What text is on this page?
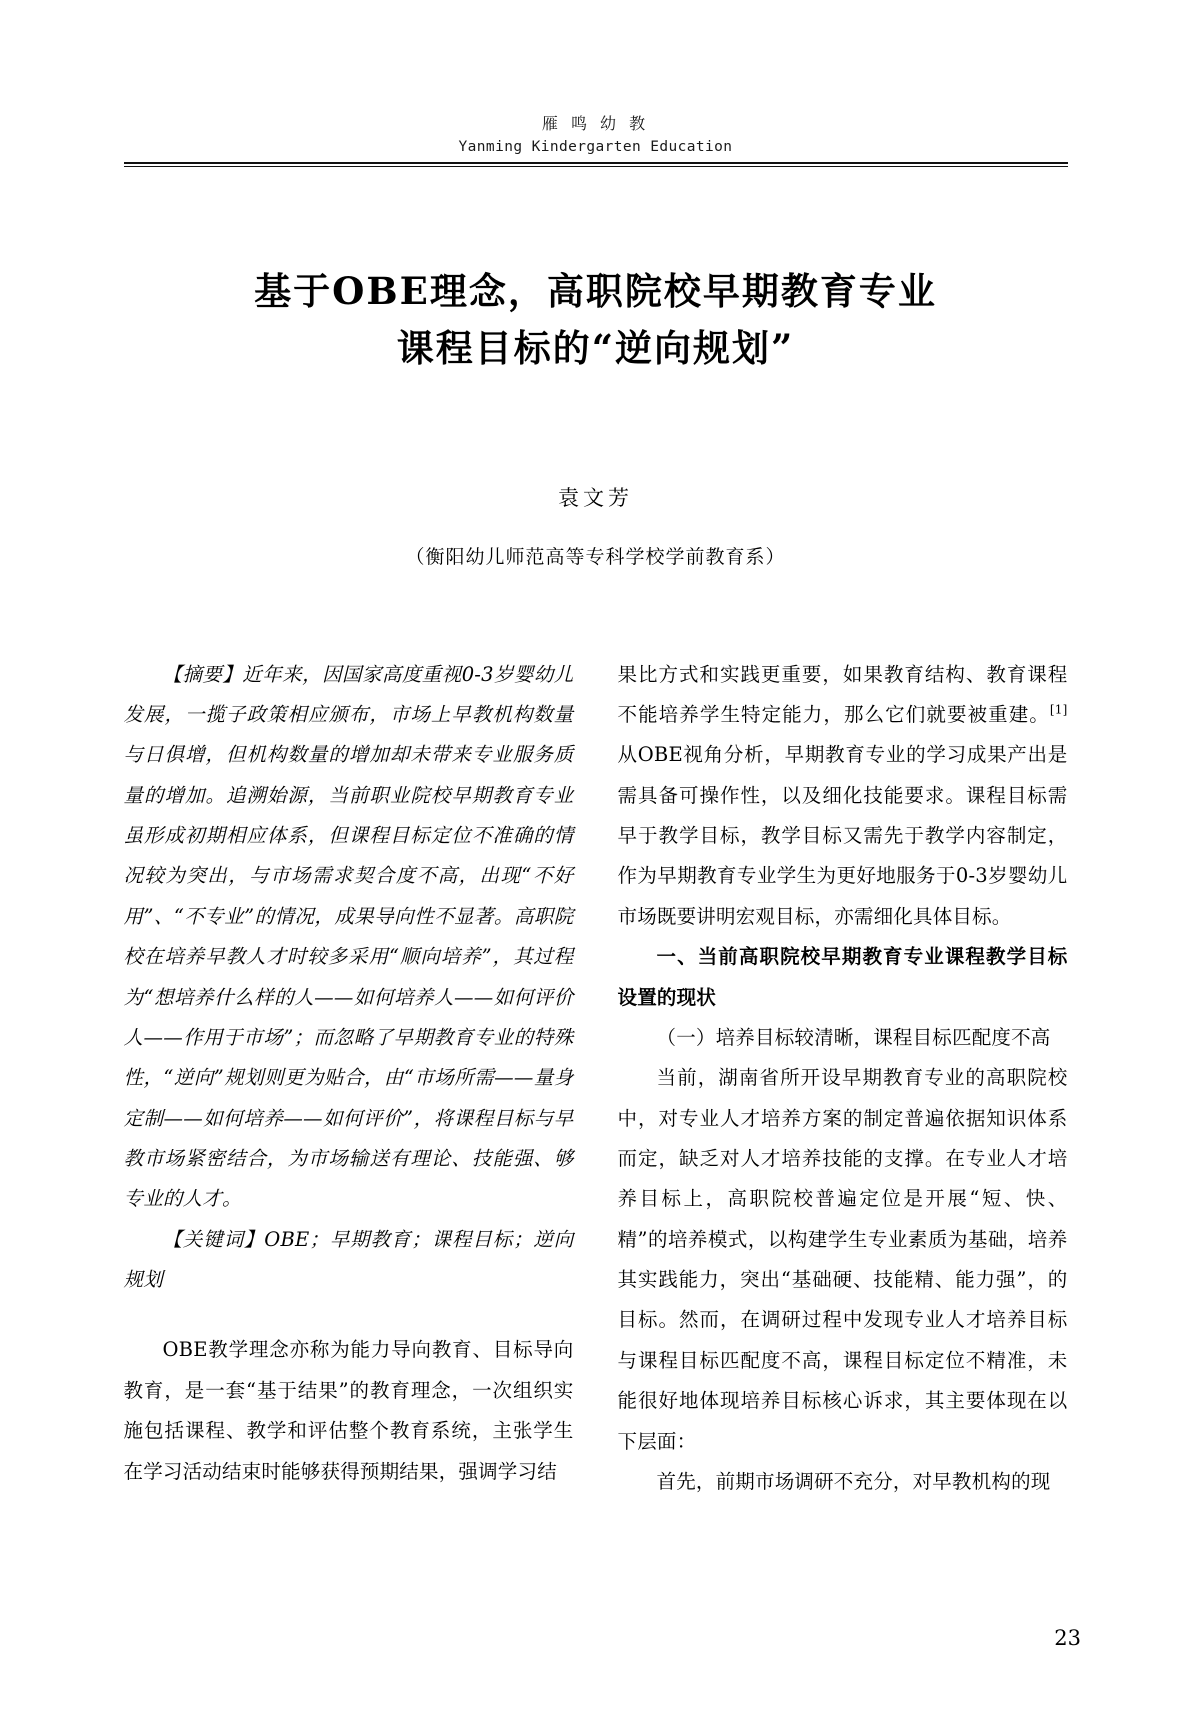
雁 鸣 幼 教
Yanming Kindergarten Education
基于OBE理念，高职院校早期教育专业
课程目标的“逆向规划”
袁文芳
（衡阳幼儿师范高等专科学校学前教育系）

【摘要】近年来，因国家高度重视0-3岁婴幼儿发展，一揽子政策相应颁布，市场上早教机构数量与日俱增，但机构数量的增加却未带来专业服务质量的增加。追溯始源，当前职业院校早期教育专业虽形成初期相应体系，但课程目标定位不准确的情况较为突出，与市场需求契合度不高，出现“不好用”、“不专业”的情况，成果导向性不显著。高职院校在培养早教人才时较多采用“顺向培养”，其过程为“想培养什么样的人——如何培养人——如何评价人——作用于市场”；而忽略了早期教育专业的特殊性，“逆向”规划则更为贴合，由“市场所需——量身定制——如何培养——如何评价”，将课程目标与早教市场紧密结合，为市场输送有理论、技能强、够专业的人才。

【关键词】OBE；早期教育；课程目标；逆向规划

OBE教学理念亦称为能力导向教育、目标导向教育，是一套“基于结果”的教育理念，一次组织实施包括课程、教学和评估整个教育系统，主张学生在学习活动结束时能够获得预期结果，强调学习结

果比方式和实践更重要，如果教育结构、教育课程不能培养学生特定能力，那么它们就要被重建。[1]从OBE视角分析，早期教育专业的学习成果产出是需具备可操作性，以及细化技能要求。课程目标需早于教学目标，教学目标又需先于教学内容制定，作为早期教育专业学生为更好地服务于0-3岁婴幼儿市场既要讲明宏观目标，亦需细化具体目标。

一、当前高职院校早期教育专业课程教学目标设置的现状

（一）培养目标较清晰，课程目标匹配度不高

当前，湖南省所开设早期教育专业的高职院校中，对专业人才培养方案的制定普遍依据知识体系而定，缺乏对人才培养技能的支撑。在专业人才培养目标上，高职院校普遍定位是开展“短、快、精”的培养模式，以构建学生专业素质为基础，培养其实践能力，突出“基础硬、技能精、能力强”，的目标。然而，在调研过程中发现专业人才培养目标与课程目标匹配度不高，课程目标定位不精准，未能很好地体现培养目标核心诉求，其主要体现在以下层面：

首先，前期市场调研不充分，对早教机构的现

23
